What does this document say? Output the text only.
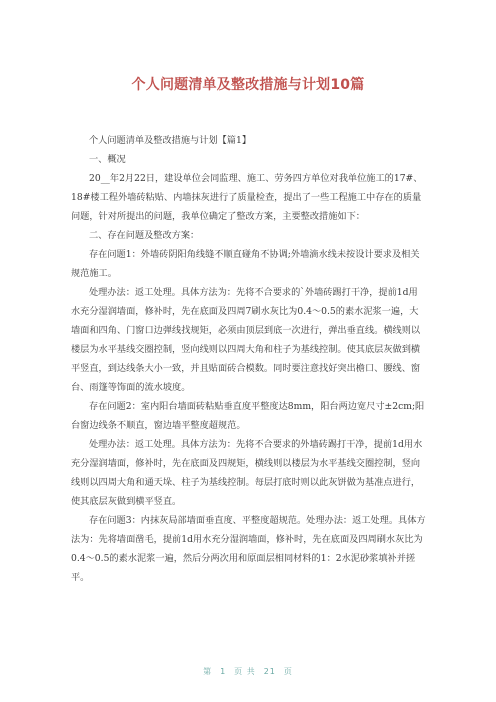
个人问题清单及整改措施与计划10篇

个人问题清单及整改措施与计划【篇1】

一、概况

20__年2月22日，建设单位会同监理、施工、劳务四方单位对我单位施工的17#、18#楼工程外墙砖粘贴、内墙抹灰进行了质量检查，提出了一些工程施工中存在的质量问题，针对所提出的问题，我单位确定了整改方案，主要整改措施如下：

二、存在问题及整改方案：

存在问题1：外墙砖阴阳角线缝不顺直碰角不协调;外墙滴水线未按设计要求及相关规范施工。

处理办法：返工处理。具体方法为：先将不合要求的`外墙砖踢打干净，提前1d用水充分湿润墙面，修补时，先在底面及四周7刷水灰比为0.4～0.5的素水泥浆一遍，大墙面和四角、门窗口边弹线找规矩，必须由顶层到底一次进行，弹出垂直线。横线则以楼层为水平基线交圈控制，竖向线则以四周大角和柱子为基线控制。使其底层灰做到横平竖直，到达线条大小一致，并且贴面砖合模数。同时要注意找好突出檐口、腰线、窗台、雨篷等饰面的流水坡度。

存在问题2：室内阳台墙面砖粘贴垂直度平整度达8mm，阳台两边宽尺寸±2cm;阳台窗边线条不顺直，窗边墙平整度超规范。

处理办法：返工处理。具体方法为：先将不合要求的外墙砖踢打干净，提前1d用水充分湿润墙面，修补时，先在底面及四规矩，横线则以楼层为水平基线交圈控制，竖向线则以四周大角和通天垛、柱子为基线控制。每层打底时则以此灰饼做为基准点进行，使其底层灰做到横平竖直。

存在问题3：内抹灰局部墙面垂直度、平整度超规范。处理办法：返工处理。具体方法为：先将墙面凿毛，提前1d用水充分湿润墙面，修补时，先在底面及四周刷水灰比为0.4～0.5的素水泥浆一遍，然后分两次用和原面层相同材料的1：2水泥砂浆填补并搓平。

第 1 页 共 21 页
